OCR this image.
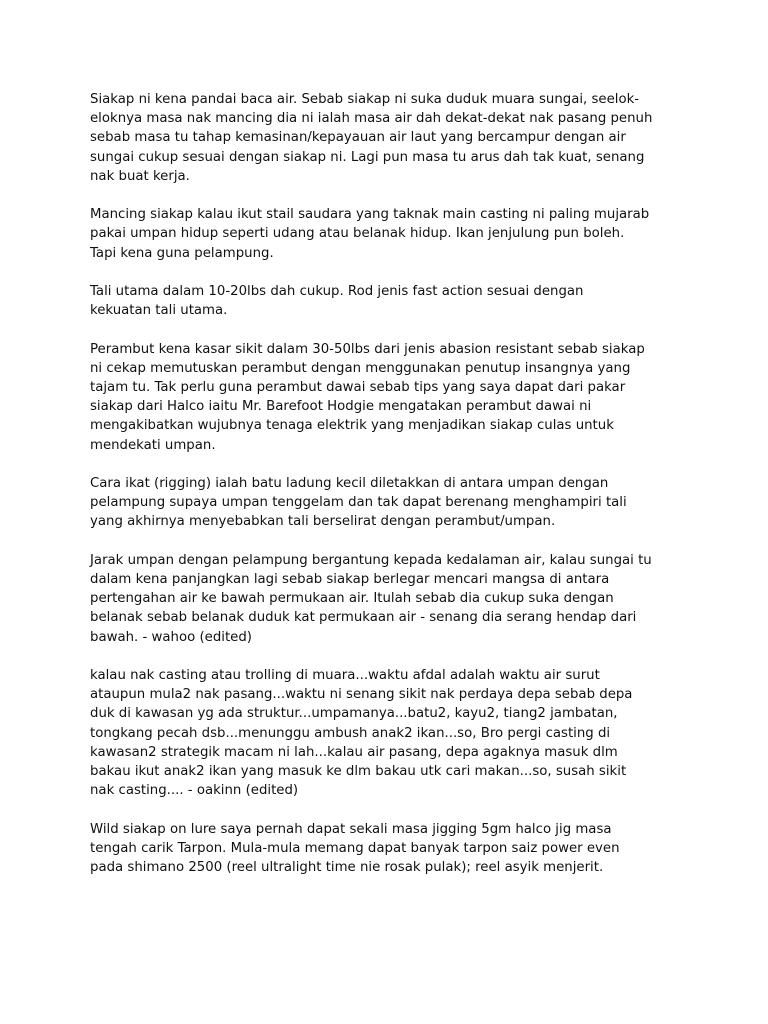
Siakap ni kena pandai baca air. Sebab siakap ni suka duduk muara sungai, seelok-
eloknya masa nak mancing dia ni ialah masa air dah dekat-dekat nak pasang penuh
sebab masa tu tahap kemasinan/kepayauan air laut yang bercampur dengan air
sungai cukup sesuai dengan siakap ni. Lagi pun masa tu arus dah tak kuat, senang
nak buat kerja.

Mancing siakap kalau ikut stail saudara yang taknak main casting ni paling mujarab
pakai umpan hidup seperti udang atau belanak hidup. Ikan jenjulung pun boleh.
Tapi kena guna pelampung.

Tali utama dalam 10-20lbs dah cukup. Rod jenis fast action sesuai dengan
kekuatan tali utama.

Perambut kena kasar sikit dalam 30-50lbs dari jenis abasion resistant sebab siakap
ni cekap memutuskan perambut dengan menggunakan penutup insangnya yang
tajam tu. Tak perlu guna perambut dawai sebab tips yang saya dapat dari pakar
siakap dari Halco iaitu Mr. Barefoot Hodgie mengatakan perambut dawai ni
mengakibatkan wujubnya tenaga elektrik yang menjadikan siakap culas untuk
mendekati umpan.

Cara ikat (rigging) ialah batu ladung kecil diletakkan di antara umpan dengan
pelampung supaya umpan tenggelam dan tak dapat berenang menghampiri tali
yang akhirnya menyebabkan tali berselirat dengan perambut/umpan.

Jarak umpan dengan pelampung bergantung kepada kedalaman air, kalau sungai tu
dalam kena panjangkan lagi sebab siakap berlegar mencari mangsa di antara
pertengahan air ke bawah permukaan air. Itulah sebab dia cukup suka dengan
belanak sebab belanak duduk kat permukaan air - senang dia serang hendap dari
bawah. - wahoo (edited)

kalau nak casting atau trolling di muara...waktu afdal adalah waktu air surut
ataupun mula2 nak pasang...waktu ni senang sikit nak perdaya depa sebab depa
duk di kawasan yg ada struktur...umpamanya...batu2, kayu2, tiang2 jambatan,
tongkang pecah dsb...menunggu ambush anak2 ikan...so, Bro pergi casting di
kawasan2 strategik macam ni lah...kalau air pasang, depa agaknya masuk dlm
bakau ikut anak2 ikan yang masuk ke dlm bakau utk cari makan...so, susah sikit
nak casting.... - oakinn (edited)

Wild siakap on lure saya pernah dapat sekali masa jigging 5gm halco jig masa
tengah carik Tarpon. Mula-mula memang dapat banyak tarpon saiz power even
pada shimano 2500 (reel ultralight time nie rosak pulak); reel asyik menjerit.
